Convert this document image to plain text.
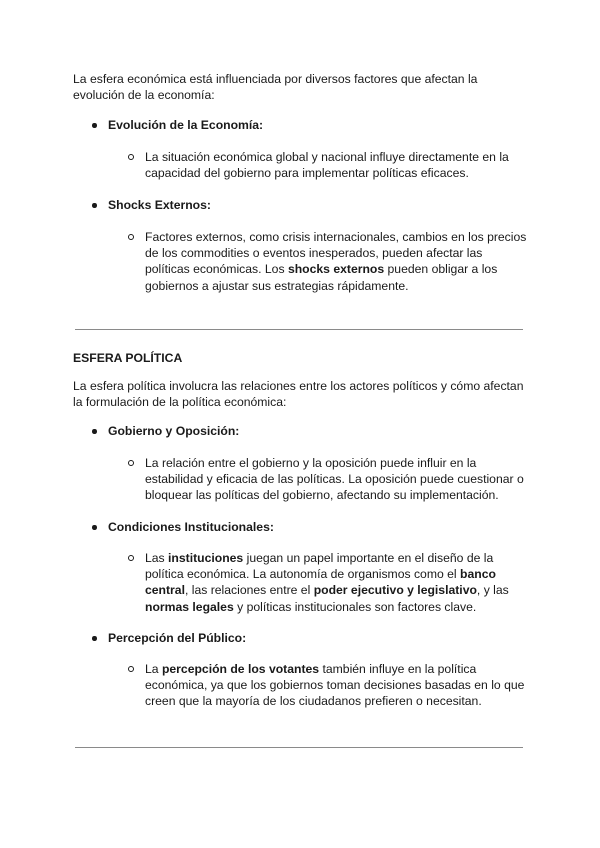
La esfera económica está influenciada por diversos factores que afectan la
evolución de la economía:
Evolución de la Economía:
La situación económica global y nacional influye directamente en la
capacidad del gobierno para implementar políticas eficaces.
Shocks Externos:
Factores externos, como crisis internacionales, cambios en los precios
de los commodities o eventos inesperados, pueden afectar las
políticas económicas. Los shocks externos pueden obligar a los
gobiernos a ajustar sus estrategias rápidamente.
ESFERA POLÍTICA
La esfera política involucra las relaciones entre los actores políticos y cómo afectan
la formulación de la política económica:
Gobierno y Oposición:
La relación entre el gobierno y la oposición puede influir en la
estabilidad y eficacia de las políticas. La oposición puede cuestionar o
bloquear las políticas del gobierno, afectando su implementación.
Condiciones Institucionales:
Las instituciones juegan un papel importante en el diseño de la
política económica. La autonomía de organismos como el banco
central, las relaciones entre el poder ejecutivo y legislativo, y las
normas legales y políticas institucionales son factores clave.
Percepción del Público:
La percepción de los votantes también influye en la política
económica, ya que los gobiernos toman decisiones basadas en lo que
creen que la mayoría de los ciudadanos prefieren o necesitan.
